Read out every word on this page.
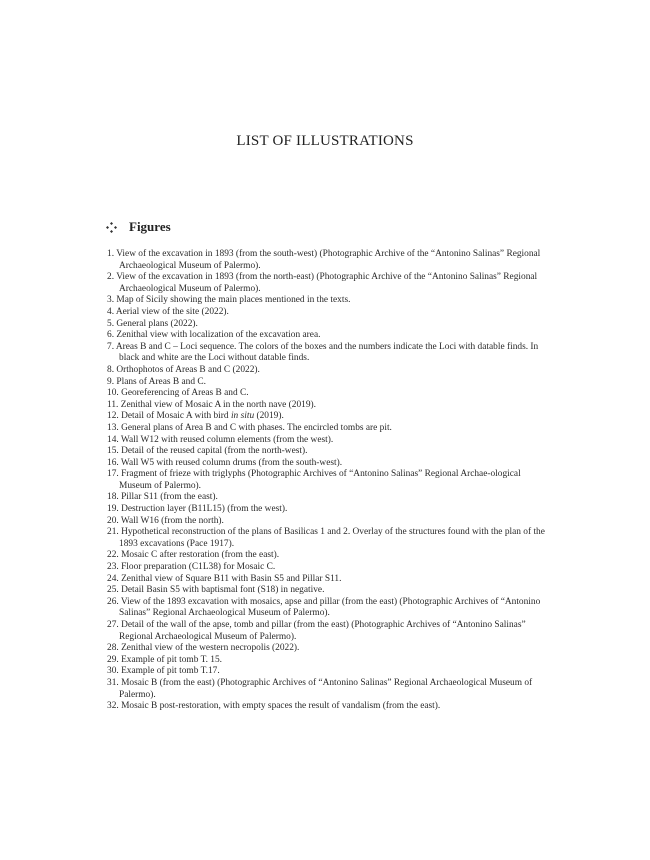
LIST OF ILLUSTRATIONS
Figures
1. View of the excavation in 1893 (from the south-west) (Photographic Archive of the “Antonino Salinas” Regional Archaeological Museum of Palermo).
2. View of the excavation in 1893 (from the north-east) (Photographic Archive of the “Antonino Salinas” Regional Archaeological Museum of Palermo).
3. Map of Sicily showing the main places mentioned in the texts.
4. Aerial view of the site (2022).
5. General plans (2022).
6. Zenithal view with localization of the excavation area.
7. Areas B and C – Loci sequence. The colors of the boxes and the numbers indicate the Loci with datable finds. In black and white are the Loci without datable finds.
8. Orthophotos of Areas B and C (2022).
9. Plans of Areas B and C.
10. Georeferencing of Areas B and C.
11. Zenithal view of Mosaic A in the north nave (2019).
12. Detail of Mosaic A with bird in situ (2019).
13. General plans of Area B and C with phases. The encircled tombs are pit.
14. Wall W12 with reused column elements (from the west).
15. Detail of the reused capital (from the north-west).
16. Wall W5 with reused column drums (from the south-west).
17. Fragment of frieze with triglyphs (Photographic Archives of “Antonino Salinas” Regional Archae-ological Museum of Palermo).
18. Pillar S11 (from the east).
19. Destruction layer (B11L15) (from the west).
20. Wall W16 (from the north).
21. Hypothetical reconstruction of the plans of Basilicas 1 and 2. Overlay of the structures found with the plan of the 1893 excavations (Pace 1917).
22. Mosaic C after restoration (from the east).
23. Floor preparation (C1L38) for Mosaic C.
24. Zenithal view of Square B11 with Basin S5 and Pillar S11.
25. Detail Basin S5 with baptismal font (S18) in negative.
26. View of the 1893 excavation with mosaics, apse and pillar (from the east) (Photographic Archives of “Antonino Salinas” Regional Archaeological Museum of Palermo).
27. Detail of the wall of the apse, tomb and pillar (from the east) (Photographic Archives of “Antonino Salinas” Regional Archaeological Museum of Palermo).
28. Zenithal view of the western necropolis (2022).
29. Example of pit tomb T. 15.
30. Example of pit tomb T.17.
31. Mosaic B (from the east) (Photographic Archives of “Antonino Salinas” Regional Archaeological Museum of Palermo).
32. Mosaic B post-restoration, with empty spaces the result of vandalism (from the east).
